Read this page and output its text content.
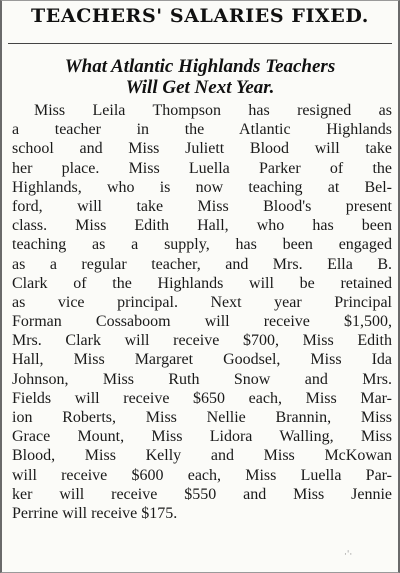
TEACHERS' SALARIES FIXED.
What Atlantic Highlands Teachers
Will Get Next Year.
Miss Leila Thompson has resigned as
a teacher in the Atlantic Highlands
school and Miss Juliett Blood will take
her place. Miss Luella Parker of the
Highlands, who is now teaching at Bel-
ford, will take Miss Blood's present
class. Miss Edith Hall, who has been
teaching as a supply, has been engaged
as a regular teacher, and Mrs. Ella B.
Clark of the Highlands will be retained
as vice principal. Next year Principal
Forman Cossaboom will receive $1,500,
Mrs. Clark will receive $700, Miss Edith
Hall, Miss Margaret Goodsel, Miss Ida
Johnson, Miss Ruth Snow and Mrs.
Fields will receive $650 each, Miss Mar-
ion Roberts, Miss Nellie Brannin, Miss
Grace Mount, Miss Lidora Walling, Miss
Blood, Miss Kelly and Miss McKowan
will receive $600 each, Miss Luella Par-
ker will receive $550 and Miss Jennie
Perrine will receive $175.
·ˈ·
